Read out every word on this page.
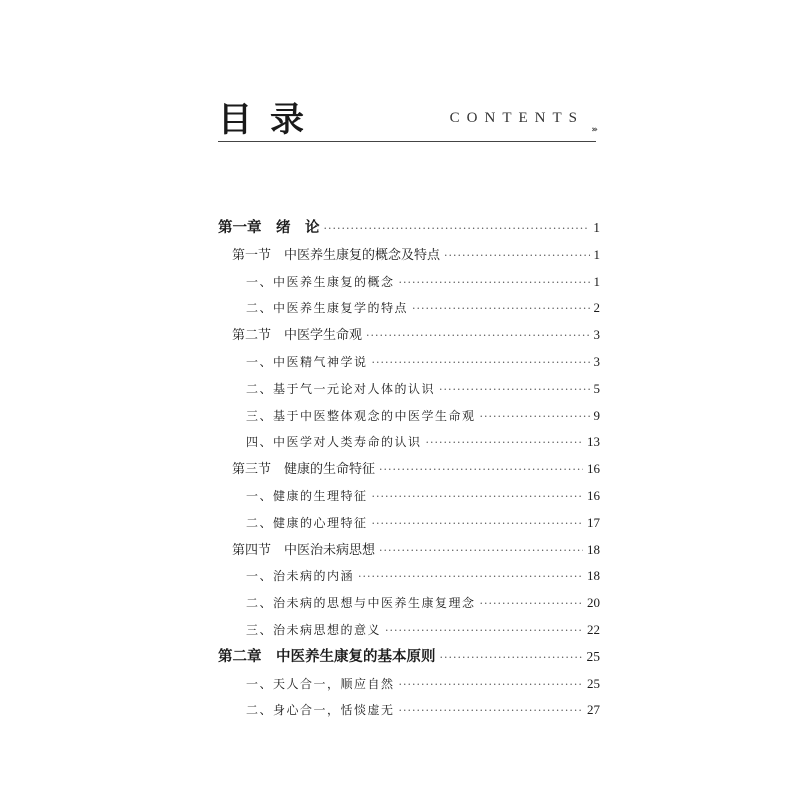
目录	CONTENTS
›››
第一章　绪　论 ·····	1
第一节　中医养生康复的概念及特点 ·····	1
一、中医养生康复的概念 ·····	1
二、中医养生康复学的特点 ·····	2
第二节　中医学生命观 ·····	3
一、中医精气神学说 ·····	3
二、基于气一元论对人体的认识 ·····	5
三、基于中医整体观念的中医学生命观 ·····	9
四、中医学对人类寿命的认识 ·····	13
第三节　健康的生命特征 ·····	16
一、健康的生理特征 ·····	16
二、健康的心理特征 ·····	17
第四节　中医治未病思想 ·····	18
一、治未病的内涵 ·····	18
二、治未病的思想与中医养生康复理念 ·····	20
三、治未病思想的意义 ·····	22
第二章　中医养生康复的基本原则 ·····	25
一、天人合一，顺应自然 ·····	25
二、身心合一，恬惔虚无 ·····	27
